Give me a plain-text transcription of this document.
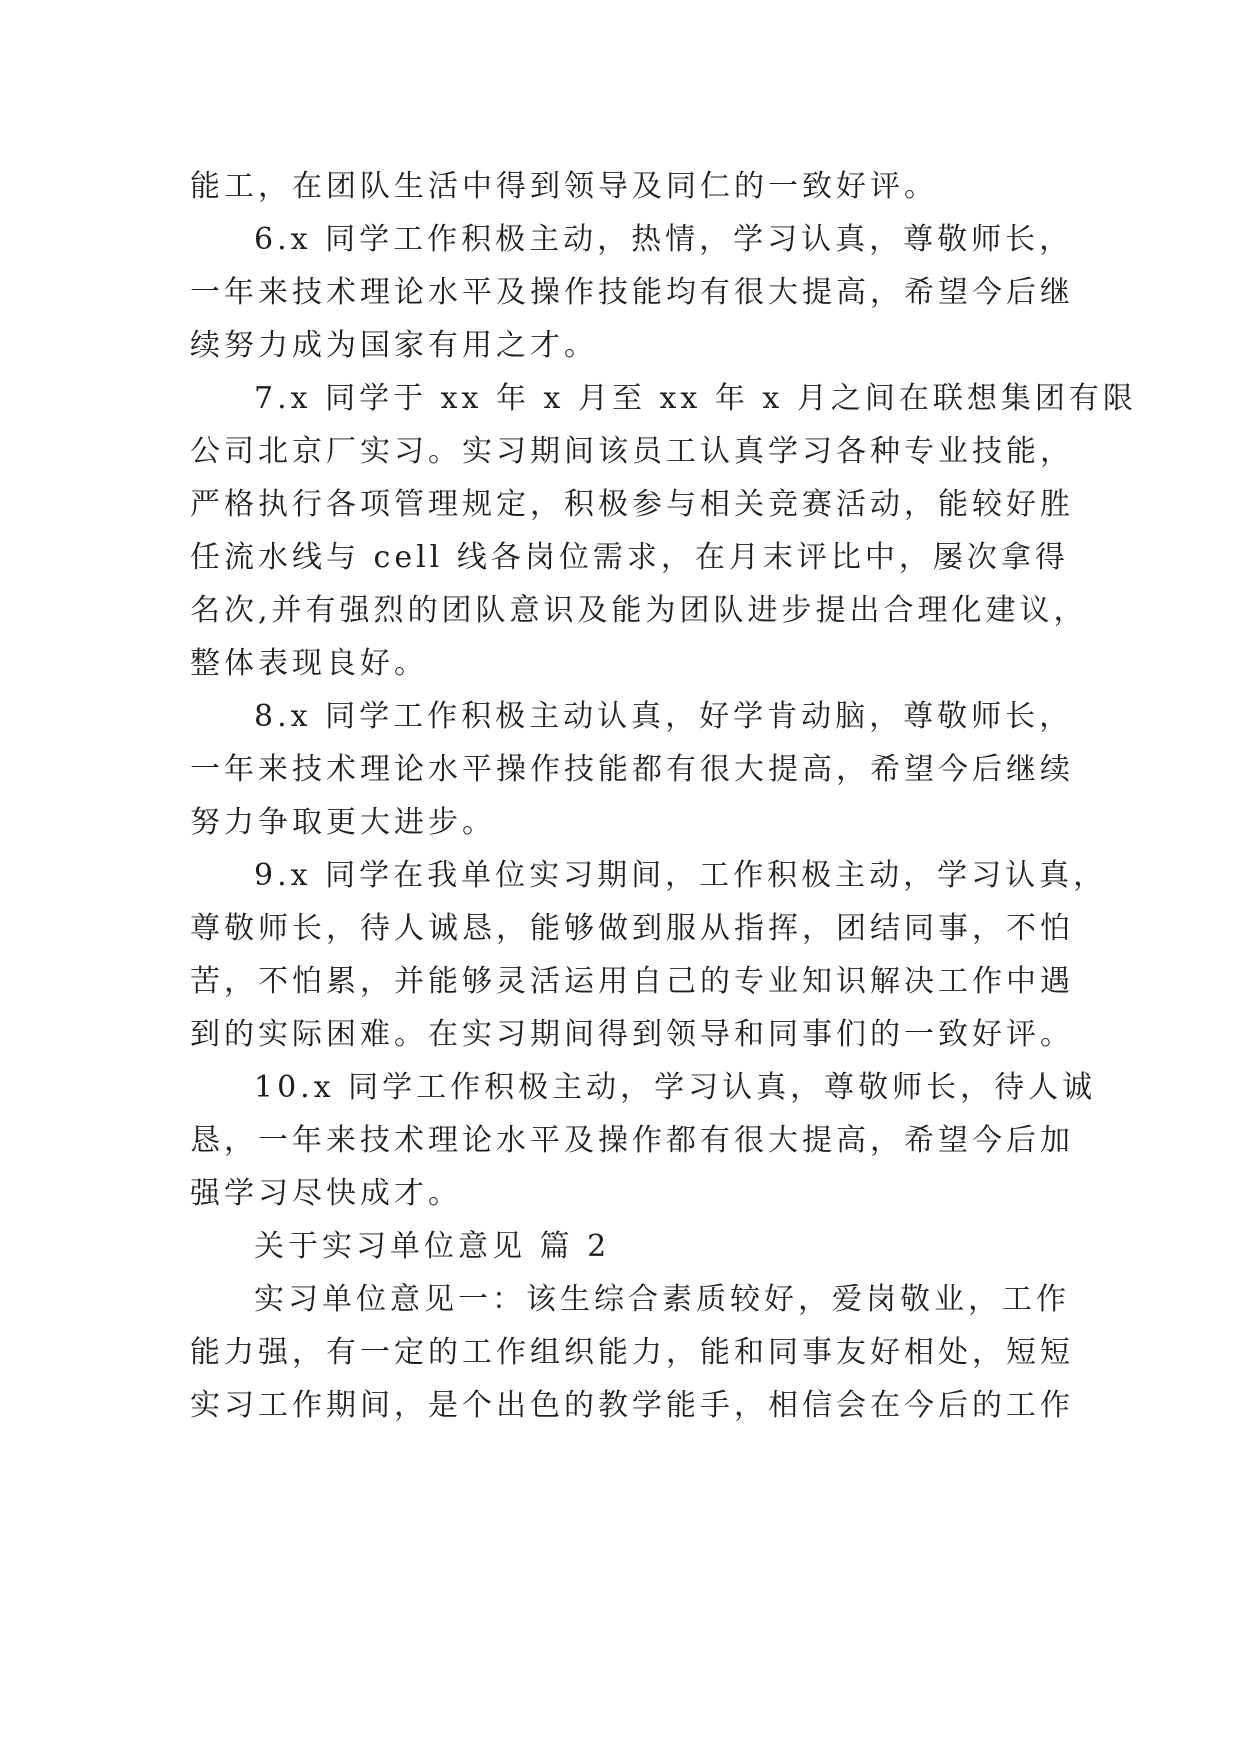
能工，在团队生活中得到领导及同仁的一致好评。
6.x 同学工作积极主动，热情，学习认真，尊敬师长，
一年来技术理论水平及操作技能均有很大提高，希望今后继
续努力成为国家有用之才。
7.x 同学于 xx 年 x 月至 xx 年 x 月之间在联想集团有限
公司北京厂实习。实习期间该员工认真学习各种专业技能，
严格执行各项管理规定，积极参与相关竞赛活动，能较好胜
任流水线与 cell 线各岗位需求，在月末评比中，屡次拿得
名次,并有强烈的团队意识及能为团队进步提出合理化建议，
整体表现良好。
8.x 同学工作积极主动认真，好学肯动脑，尊敬师长，
一年来技术理论水平操作技能都有很大提高，希望今后继续
努力争取更大进步。
9.x 同学在我单位实习期间，工作积极主动，学习认真，
尊敬师长，待人诚恳，能够做到服从指挥，团结同事，不怕
苦，不怕累，并能够灵活运用自己的专业知识解决工作中遇
到的实际困难。在实习期间得到领导和同事们的一致好评。
10.x 同学工作积极主动，学习认真，尊敬师长，待人诚
恳，一年来技术理论水平及操作都有很大提高，希望今后加
强学习尽快成才。
关于实习单位意见 篇 2
实习单位意见一：该生综合素质较好，爱岗敬业，工作
能力强，有一定的工作组织能力，能和同事友好相处，短短
实习工作期间，是个出色的教学能手，相信会在今后的工作
